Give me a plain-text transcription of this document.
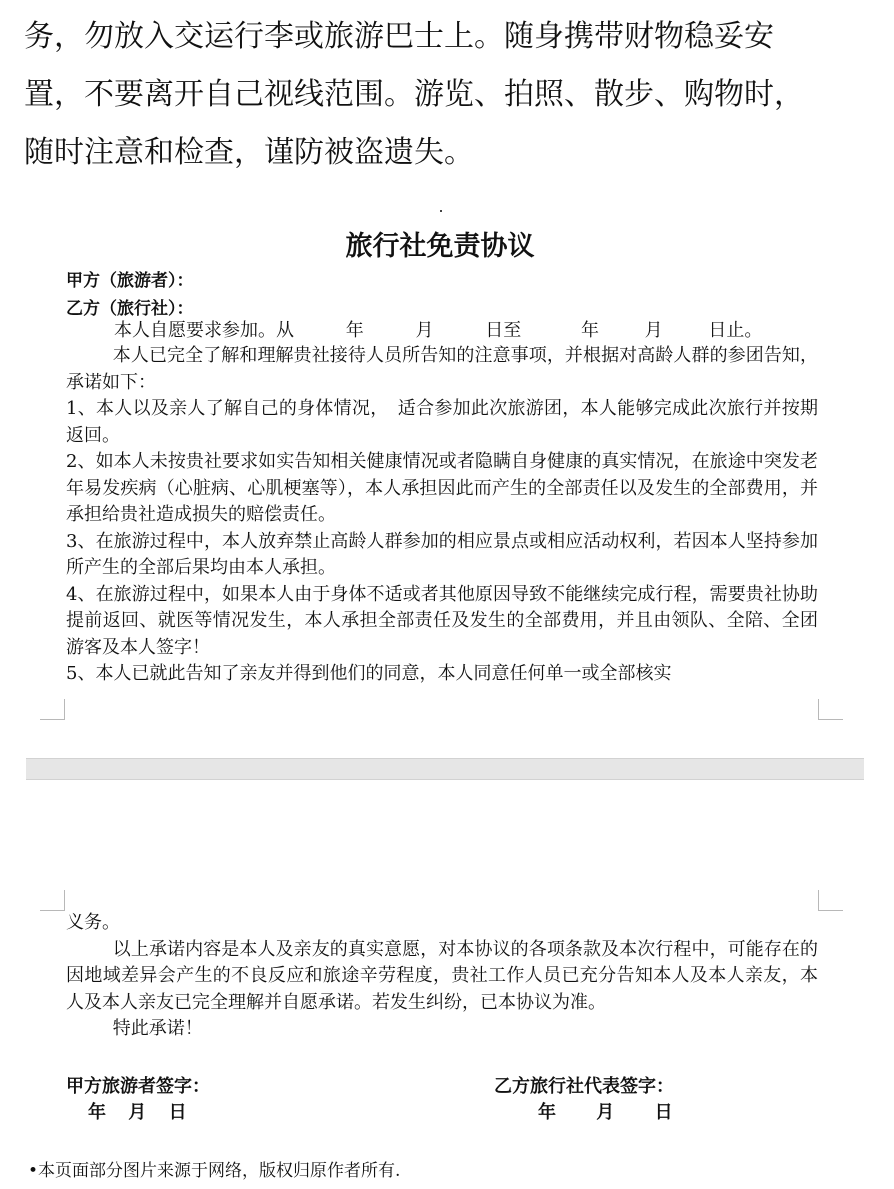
务，勿放入交运行李或旅游巴士上。随身携带财物稳妥安
置，不要离开自己视线范围。游览、拍照、散步、购物时，
随时注意和检查，谨防被盗遗失。
旅行社免责协议
甲方（旅游者）：
乙方（旅行社）：
本人自愿要求参加。从	年	月	日至	年	月	日止。

本人已完全了解和理解贵社接待人员所告知的注意事项，并根据对高龄人群的参团告知，承诺如下：

1、本人以及亲人了解自己的身体情况，　适合参加此次旅游团，本人能够完成此次旅行并按期返回。

2、如本人未按贵社要求如实告知相关健康情况或者隐瞒自身健康的真实情况，在旅途中突发老年易发疾病（心脏病、心肌梗塞等），本人承担因此而产生的全部责任以及发生的全部费用，并承担给贵社造成损失的赔偿责任。

3、在旅游过程中，本人放弃禁止高龄人群参加的相应景点或相应活动权利，若因本人坚持参加所产生的全部后果均由本人承担。

4、在旅游过程中，如果本人由于身体不适或者其他原因导致不能继续完成行程，需要贵社协助提前返回、就医等情况发生，本人承担全部责任及发生的全部费用，并且由领队、全陪、全团游客及本人签字！

5、本人已就此告知了亲友并得到他们的同意，本人同意任何单一或全部核实

义务。

以上承诺内容是本人及亲友的真实意愿，对本协议的各项条款及本次行程中，可能存在的因地域差异会产生的不良反应和旅途辛劳程度，贵社工作人员已充分告知本人及本人亲友，本人及本人亲友已完全理解并自愿承诺。若发生纠纷，已本协议为准。

特此承诺！

甲方旅游者签字：	乙方旅行社代表签字：
年 月 日	年 月 日
•本页面部分图片来源于网络，版权归原作者所有.
